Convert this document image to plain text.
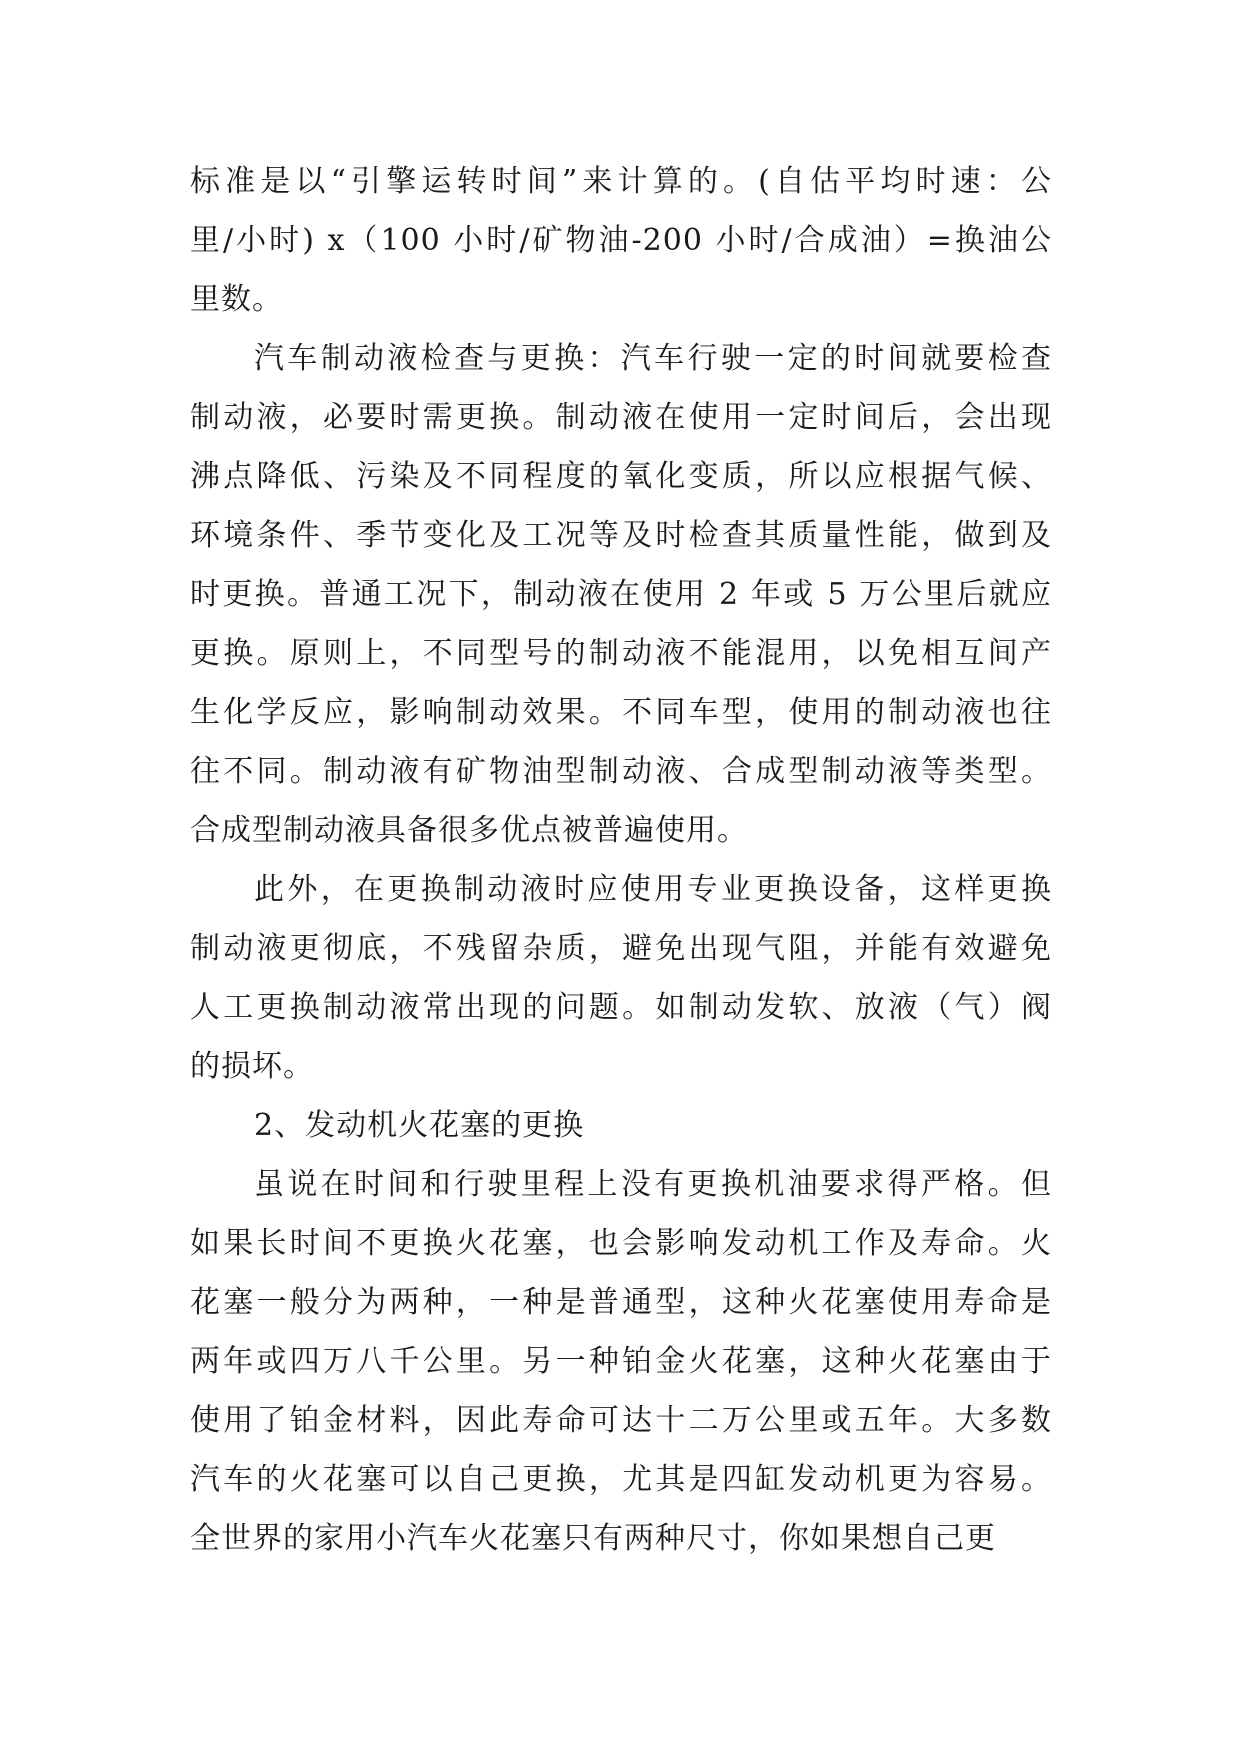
标准是以“引擎运转时间”来计算的。(自估平均时速：公
里/小时) x（100 小时/矿物油-200 小时/合成油）=换油公
里数。
汽车制动液检查与更换：汽车行驶一定的时间就要检查
制动液，必要时需更换。制动液在使用一定时间后，会出现
沸点降低、污染及不同程度的氧化变质，所以应根据气候、
环境条件、季节变化及工况等及时检查其质量性能，做到及
时更换。普通工况下，制动液在使用 2 年或 5 万公里后就应
更换。原则上，不同型号的制动液不能混用，以免相互间产
生化学反应，影响制动效果。不同车型，使用的制动液也往
往不同。制动液有矿物油型制动液、合成型制动液等类型。
合成型制动液具备很多优点被普遍使用。
此外，在更换制动液时应使用专业更换设备，这样更换
制动液更彻底，不残留杂质，避免出现气阻，并能有效避免
人工更换制动液常出现的问题。如制动发软、放液（气）阀
的损坏。
2、发动机火花塞的更换
虽说在时间和行驶里程上没有更换机油要求得严格。但
如果长时间不更换火花塞，也会影响发动机工作及寿命。火
花塞一般分为两种，一种是普通型，这种火花塞使用寿命是
两年或四万八千公里。另一种铂金火花塞，这种火花塞由于
使用了铂金材料，因此寿命可达十二万公里或五年。大多数
汽车的火花塞可以自己更换，尤其是四缸发动机更为容易。
全世界的家用小汽车火花塞只有两种尺寸，你如果想自己更
